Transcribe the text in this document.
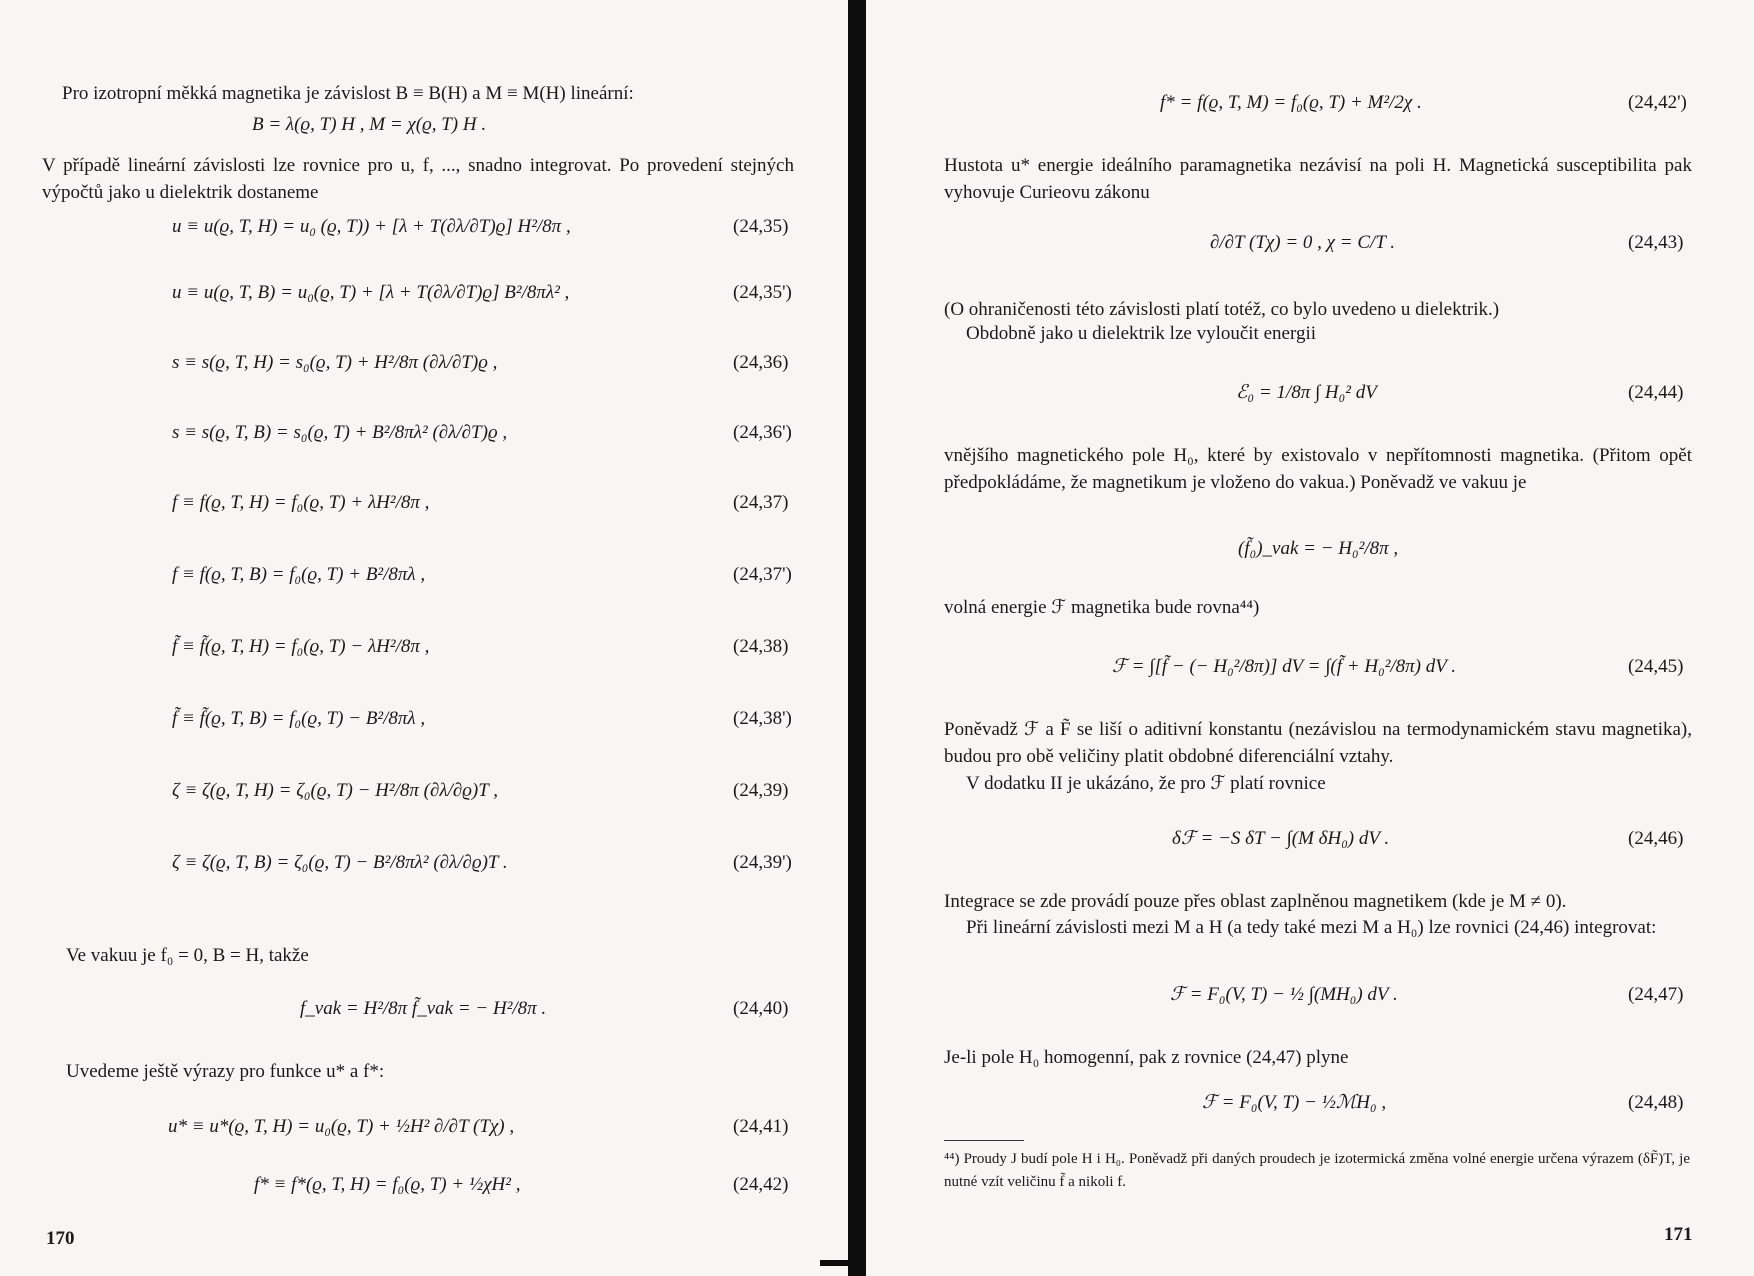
Pro izotropní měkká magnetika je závislost B ≡ B(H) a M ≡ M(H) lineární:
B = λ(ϱ, T) H , M = χ(ϱ, T) H .
V případě lineární závislosti lze rovnice pro u, f, ..., snadno integrovat. Po provedení stejných výpočtů jako u dielektrik dostaneme
u ≡ u(ϱ, T, H) = u₀ (ϱ, T)) + [λ + T(∂λ/∂T)ϱ] H²/8π ,	(24,35)
u ≡ u(ϱ, T, B) = u₀(ϱ, T) + [λ + T(∂λ/∂T)ϱ] B²/8πλ² ,	(24,35')
s ≡ s(ϱ, T, H) = s₀(ϱ, T) + H²/8π (∂λ/∂T)ϱ ,	(24,36)
s ≡ s(ϱ, T, B) = s₀(ϱ, T) + B²/8πλ² (∂λ/∂T)ϱ ,	(24,36')
f ≡ f(ϱ, T, H) = f₀(ϱ, T) + λH²/8π ,	(24,37)
f ≡ f(ϱ, T, B) = f₀(ϱ, T) + B²/8πλ ,	(24,37')
f̃ ≡ f̃(ϱ, T, H) = f₀(ϱ, T) − λH²/8π ,	(24,38)
f̃ ≡ f̃(ϱ, T, B) = f₀(ϱ, T) − B²/8πλ ,	(24,38')
ζ ≡ ζ(ϱ, T, H) = ζ₀(ϱ, T) − H²/8π (∂λ/∂ϱ)T ,	(24,39)
ζ ≡ ζ(ϱ, T, B) = ζ₀(ϱ, T) − B²/8πλ² (∂λ/∂ϱ)T .	(24,39')
Ve vakuu je f₀ = 0, B = H, takže
f_vak = H²/8π f̃_vak = − H²/8π .	(24,40)
Uvedeme ještě výrazy pro funkce u* a f*:
u* ≡ u*(ϱ, T, H) = u₀(ϱ, T) + ½H² ∂/∂T (Tχ) ,	(24,41)
f* ≡ f*(ϱ, T, H) = f₀(ϱ, T) + ½χH² ,	(24,42)
170
f* = f(ϱ, T, M) = f₀(ϱ, T) + M²/2χ .	(24,42')
Hustota u* energie ideálního paramagnetika nezávisí na poli H. Magnetická susceptibilita pak vyhovuje Curieovu zákonu
∂/∂T (Tχ) = 0 , χ = C/T .	(24,43)
(O ohraničenosti této závislosti platí totéž, co bylo uvedeno u dielektrik.)
Obdobně jako u dielektrik lze vyloučit energii
ℰ₀ = 1/8π ∫ H₀² dV	(24,44)
vnějšího magnetického pole H₀, které by existovalo v nepřítomnosti magnetika. (Přitom opět předpokládáme, že magnetikum je vloženo do vakua.) Poněvadž ve vakuu je
(f̃₀)_vak = − H₀²/8π ,
volná energie ℱ magnetika bude rovna⁴⁴)
ℱ = ∫[f̃ − (− H₀²/8π)] dV = ∫(f̃ + H₀²/8π) dV .	(24,45)
Poněvadž ℱ a F̃ se liší o aditivní konstantu (nezávislou na termodynamickém stavu magnetika), budou pro obě veličiny platit obdobné diferenciální vztahy.
V dodatku II je ukázáno, že pro ℱ platí rovnice
δℱ = −S δT − ∫(M δH₀) dV .	(24,46)
Integrace se zde provádí pouze přes oblast zaplněnou magnetikem (kde je M ≠ 0).
Při lineární závislosti mezi M a H (a tedy také mezi M a H₀) lze rovnici (24,46) integrovat:
ℱ = F₀(V, T) − ½ ∫(MH₀) dV .	(24,47)
Je-li pole H₀ homogenní, pak z rovnice (24,47) plyne
ℱ = F₀(V, T) − ½ℳH₀ ,	(24,48)
⁴⁴) Proudy J budí pole H i H₀. Poněvadž při daných proudech je izotermická změna volné energie určena výrazem (δF̃)T, je nutné vzít veličinu f̃ a nikoli f.
171
